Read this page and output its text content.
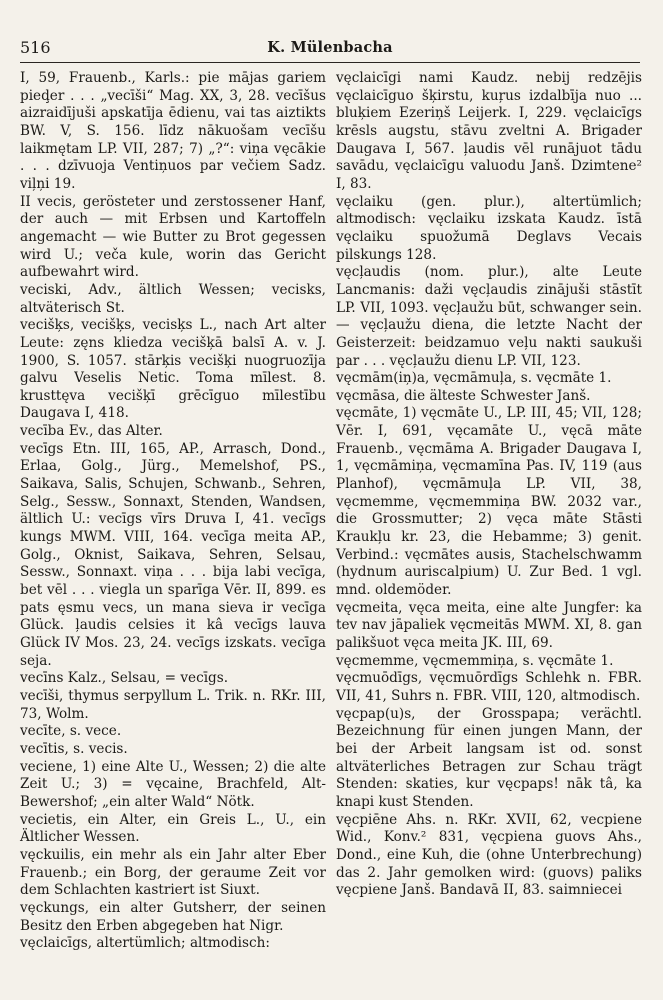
516	K. Mülenbacha

I, 59, Frauenb., Karls.: pie mājas gariem pieḑer . . . „vecīši“ Mag. XX, 3, 28. vecīšus aizraidījuši apskatīja ēdienu, vai tas aiztikts BW. V, S. 156. līdz nākuošam vecīšu laikmętam LP. VII, 287; 7) „?“: viņa vęcākie . . . dzīvuoja Ventiņuos par večiem Sadz. viļņi 19.

II vecis, gerösteter und zerstossener Hanf, der auch — mit Erbsen und Kartoffeln angemacht — wie Butter zu Brot gegessen wird U.; veča kule, worin das Gericht aufbewahrt wird.

veciski, Adv., ältlich Wessen; vecisks, altväterisch St.

vecišķs, vecišķs, vecisķs L., nach Art alter Leute: zęns kliedza vecišķā balsī A. v. J. 1900, S. 1057. stārķis vecišķi nuogruozīja galvu Veselis Netic. Toma mīlest. 8. krusttęva vecišķī grēcīguo mīlestību Daugava I, 418.

vecība Ev., das Alter.

vecīgs Etn. III, 165, AP., Arrasch, Dond., Erlaa, Golg., Jürg., Memelshof, PS., Saikava, Salis, Schujen, Schwanb., Sehren, Selg., Sessw., Sonnaxt, Stenden, Wandsen, ältlich U.: vecīgs vīrs Druva I, 41. vecīgs kungs MWM. VIII, 164. vecīga meita AP., Golg., Oknist, Saikava, Sehren, Selsau, Sessw., Sonnaxt. viņa . . . bija labi vecīga, bet vēl . . . viegla un sparīga Vēr. II, 899. es pats ęsmu vecs, un mana sieva ir vecīga Glück. ļaudis celsies it kâ vecīgs lauva Glück IV Mos. 23, 24. vecīgs izskats. vecīga seja.

vecīns Kalz., Selsau, = vecīgs.

vecīši, thymus serpyllum L. Trik. n. RKr. III, 73, Wolm.

vecīte, s. vece.

vecītis, s. vecis.

veciene, 1) eine Alte U., Wessen; 2) die alte Zeit U.; 3) = vęcaine, Brachfeld, Alt-Bewershof; „ein alter Wald“ Nötk.

vecietis, ein Alter, ein Greis L., U., ein Ältlicher Wessen.

vęckuilis, ein mehr als ein Jahr alter Eber Frauenb.; ein Borg, der geraume Zeit vor dem Schlachten kastriert ist Siuxt.

vęckungs, ein alter Gutsherr, der seinen Besitz den Erben abgegeben hat Nigr.

vęclaicīgs, altertümlich; altmodisch:

vęclaicīgi nami Kaudz. nebij redzējis vęclaicīguo šķirstu, kuŗus izdalbīja nuo ... bluķiem Ezeriņš Leijerk. I, 229. vęclaicīgs krēsls augstu, stāvu zveltni A. Brigader Daugava I, 567. ļaudis vēl runājuot tādu savādu, vęclaicīgu valuodu Janš. Dzimtene² I, 83.

vęclaiku (gen. plur.), altertümlich; altmodisch: vęclaiku izskata Kaudz. īstā vęclaiku spuožumā Deglavs Vecais pilskungs 128.

vęcļaudis (nom. plur.), alte Leute Lancmanis: daži vęcļaudis zinājuši stāstīt LP. VII, 1093. vęcļaužu būt, schwanger sein. — vęcļaužu diena, die letzte Nacht der Geisterzeit: beidzamuo veļu nakti saukuši par . . . vęcļaužu dienu LP. VII, 123.

vęcmām(iņ)a, vęcmāmuļa, s. vęcmāte 1.

vęcmāsa, die älteste Schwester Janš.

vęcmāte, 1) vęcmāte U., LP. III, 45; VII, 128; Vēr. I, 691, vęcamāte U., vęcā māte Frauenb., vęcmāma A. Brigader Daugava I, 1, vęcmāmiņa, vęcmamīna Pas. IV, 119 (aus Planhof), vęcmāmuļa LP. VII, 38, vęcmemme, vęcmemmiņa BW. 2032 var., die Grossmutter; 2) vęca māte Stāsti Kraukļu kr. 23, die Hebamme; 3) genit. Verbind.: vęcmātes ausis, Stachelschwamm (hydnum auriscalpium) U. Zur Bed. 1 vgl. mnd. oldemöder.

vęcmeita, vęca meita, eine alte Jungfer: ka tev nav jāpaliek vęcmeitās MWM. XI, 8. gan palikšuot vęca meita JK. III, 69.

vęcmemme, vęcmemmiņa, s. vęcmāte 1.

vęcmuōdīgs, vęcmuōrdīgs Schlehk n. FBR. VII, 41, Suhrs n. FBR. VIII, 120, altmodisch.

vęcpap(u)s, der Grosspapa; verächtl. Bezeichnung für einen jungen Mann, der bei der Arbeit langsam ist od. sonst altväterliches Betragen zur Schau trägt Stenden: skaties, kur vęcpaps! nāk tâ, ka knapi kust Stenden.

vęcpiēne Ahs. n. RKr. XVII, 62, vecpiene Wid., Konv.² 831, vęcpiena guovs Ahs., Dond., eine Kuh, die (ohne Unterbrechung) das 2. Jahr gemolken wird: (guovs) paliks vęcpiene Janš. Bandavā II, 83. saimniecei
